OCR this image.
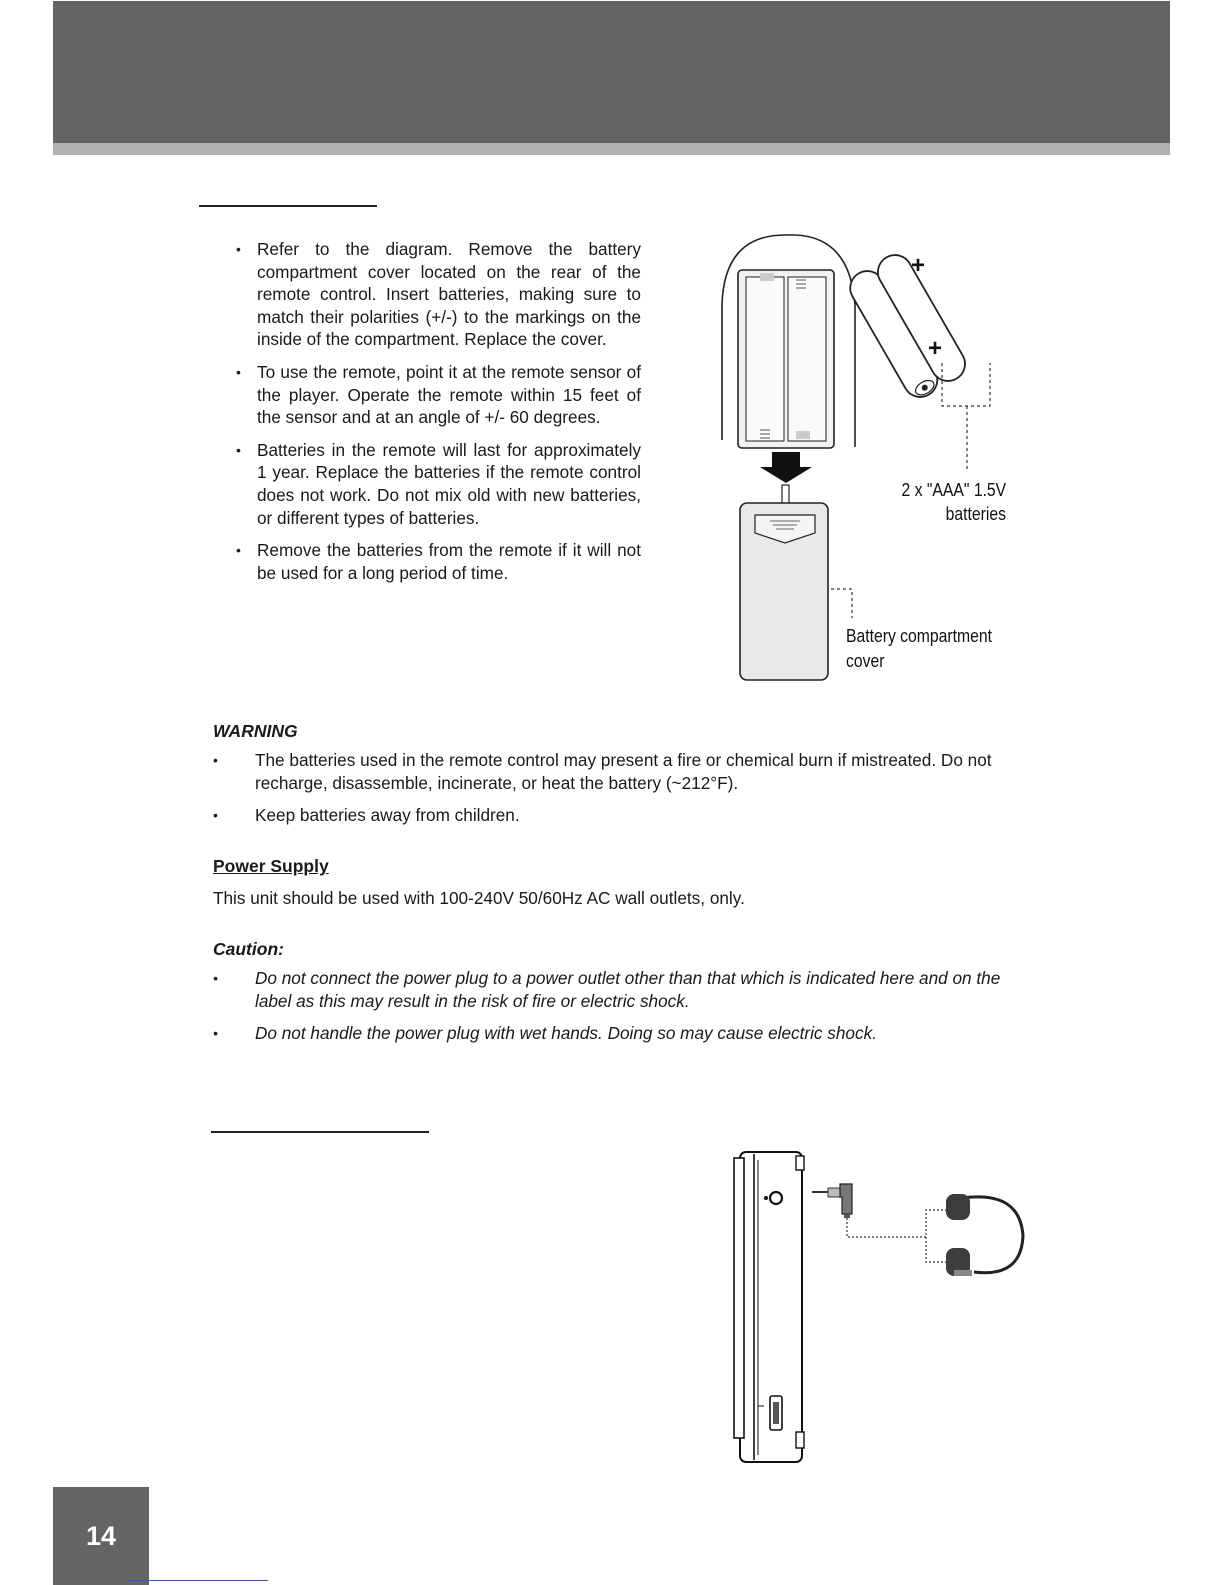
• Refer to the diagram. Remove the battery compartment cover located on the rear of the remote control. Insert batteries, making sure to match their polarities (+/-) to the markings on the inside of the compartment. Replace the cover.
• To use the remote, point it at the remote sensor of the player. Operate the remote within 15 feet of the sensor and at an angle of +/- 60 degrees.
• Batteries in the remote will last for approximately 1 year. Replace the batteries if the remote control does not work. Do not mix old with new batteries, or different types of batteries.
• Remove the batteries from the remote if it will not be used for a long period of time.
+
+
2 x "AAA" 1.5V
batteries
Battery compartment
cover

WARNING

• The batteries used in the remote control may present a fire or chemical burn if mistreated. Do not recharge, disassemble, incinerate, or heat the battery (~212°F).
• Keep batteries away from children.

Power Supply

This unit should be used with 100-240V 50/60Hz AC wall outlets, only.

Caution:

• Do not connect the power plug to a power outlet other than that which is indicated here and on the label as this may result in the risk of fire or electric shock.
• Do not handle the power plug with wet hands. Doing so may cause electric shock.
14
